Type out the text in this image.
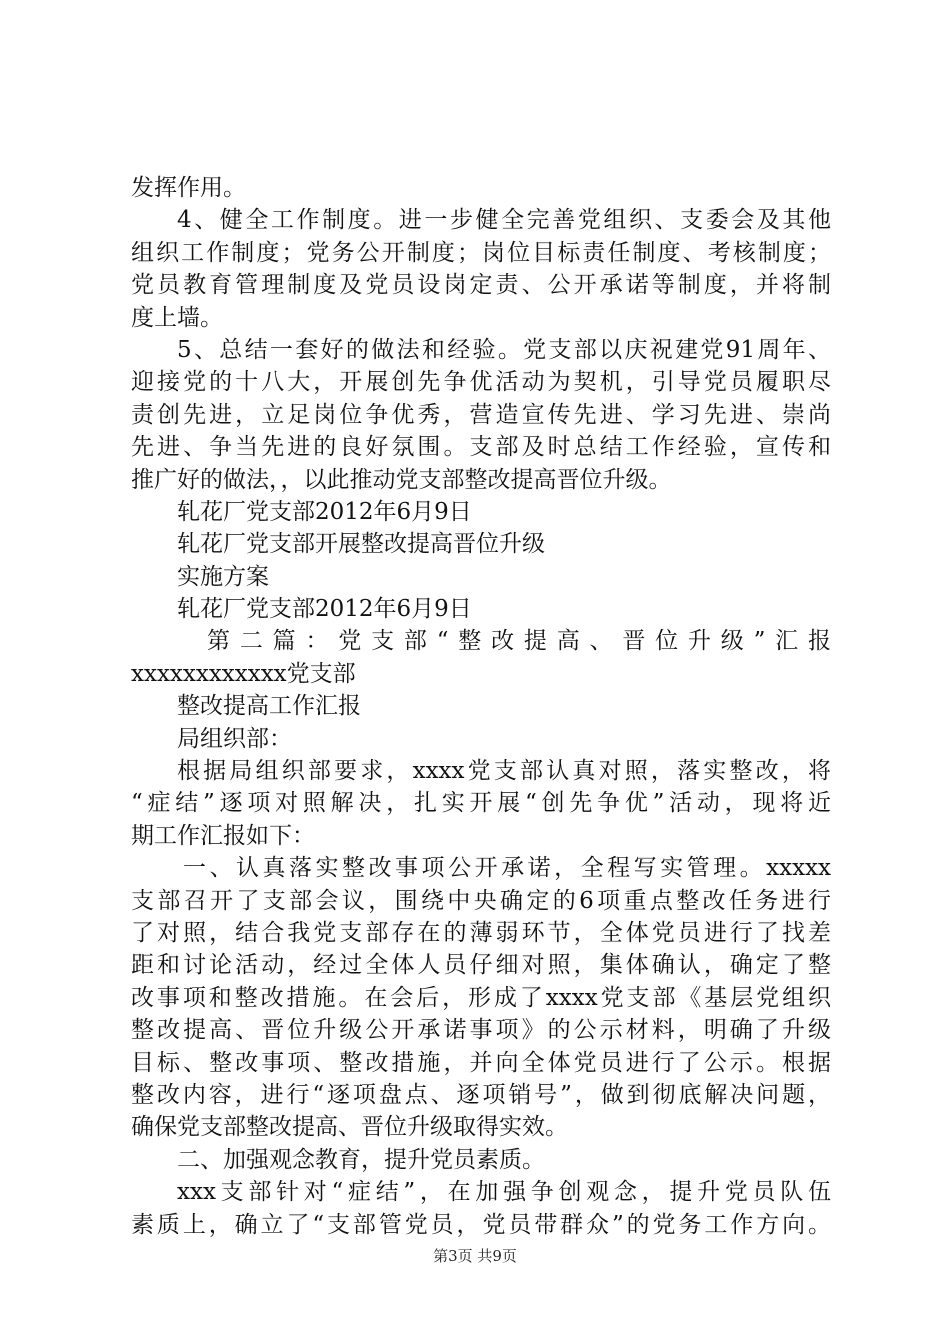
发挥作用。
4、健全工作制度。进一步健全完善党组织、支委会及其他
组织工作制度；党务公开制度；岗位目标责任制度、考核制度；
党员教育管理制度及党员设岗定责、公开承诺等制度，并将制
度上墙。
5、总结一套好的做法和经验。党支部以庆祝建党91周年、
迎接党的十八大，开展创先争优活动为契机，引导党员履职尽
责创先进，立足岗位争优秀，营造宣传先进、学习先进、崇尚
先进、争当先进的良好氛围。支部及时总结工作经验，宣传和
推广好的做法，，以此推动党支部整改提高晋位升级。
轧花厂党支部2012年6月9日
轧花厂党支部开展整改提高晋位升级
实施方案
轧花厂党支部2012年6月9日
第二篇：党支部“整改提高、晋位升级”汇报
xxxxxxxxxxxx党支部
整改提高工作汇报
局组织部：
根据局组织部要求，xxxx党支部认真对照，落实整改，将
“症结”逐项对照解决，扎实开展“创先争优”活动，现将近
期工作汇报如下：
一、认真落实整改事项公开承诺，全程写实管理。xxxxx
支部召开了支部会议，围绕中央确定的6项重点整改任务进行
了对照，结合我党支部存在的薄弱环节，全体党员进行了找差
距和讨论活动，经过全体人员仔细对照，集体确认，确定了整
改事项和整改措施。在会后，形成了xxxx党支部《基层党组织
整改提高、晋位升级公开承诺事项》的公示材料，明确了升级
目标、整改事项、整改措施，并向全体党员进行了公示。根据
整改内容，进行“逐项盘点、逐项销号”，做到彻底解决问题，
确保党支部整改提高、晋位升级取得实效。
二、加强观念教育，提升党员素质。
xxx支部针对“症结”，在加强争创观念，提升党员队伍
素质上，确立了“支部管党员，党员带群众”的党务工作方向。
第3页 共9页
